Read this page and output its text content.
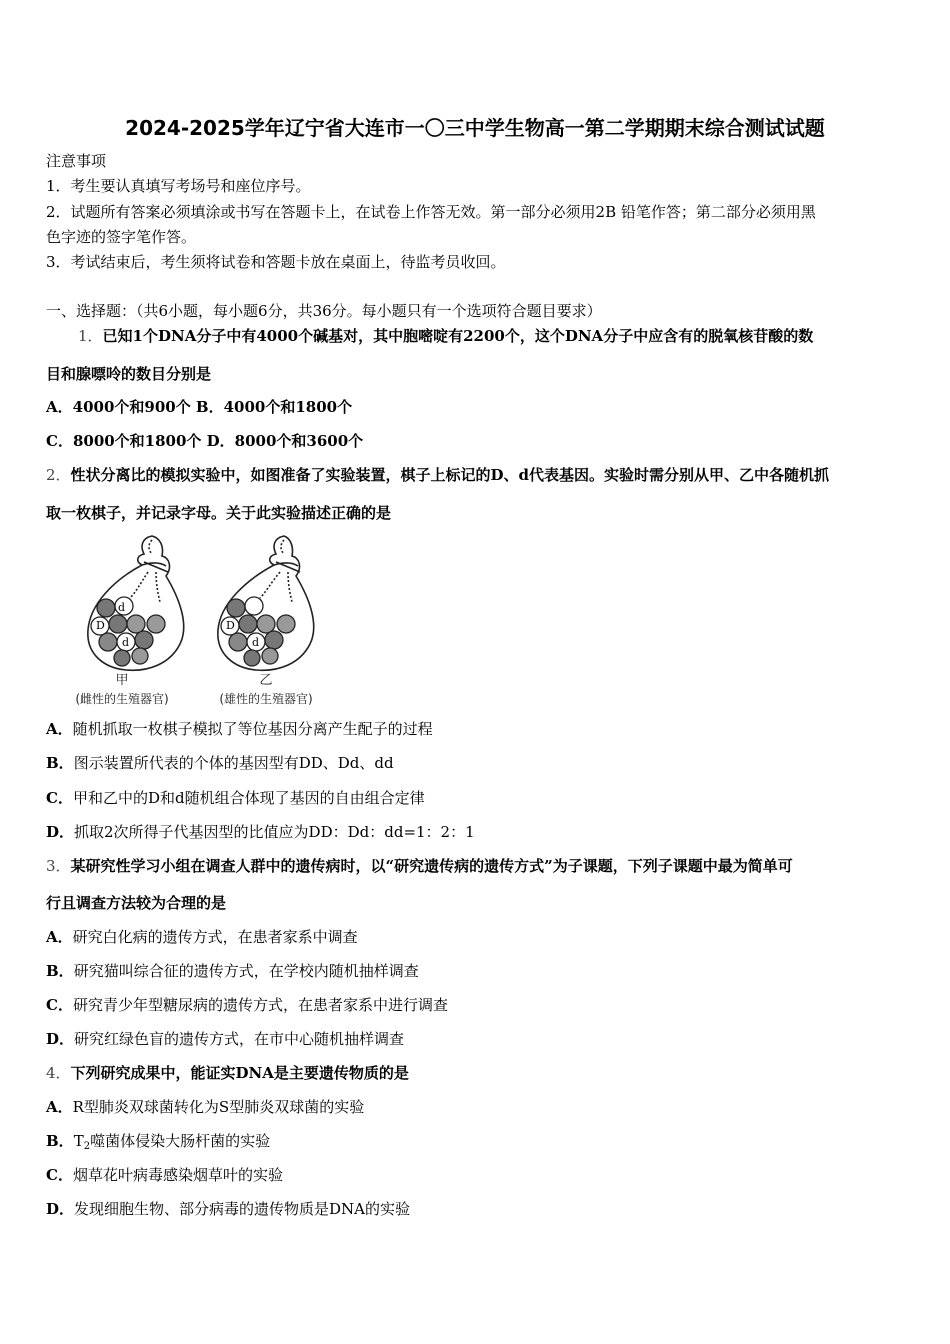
2024-2025学年辽宁省大连市一〇三中学生物高一第二学期期末综合测试试题
注意事项
1．考生要认真填写考场号和座位序号。
2．试题所有答案必须填涂或书写在答题卡上，在试卷上作答无效。第一部分必须用2B 铅笔作答；第二部分必须用黑
色字迹的签字笔作答。
3．考试结束后，考生须将试卷和答题卡放在桌面上，待监考员收回。
一、选择题：（共6小题，每小题6分，共36分。每小题只有一个选项符合题目要求）
1．已知1个DNA分子中有4000个碱基对，其中胞嘧啶有2200个，这个DNA分子中应含有的脱氧核苷酸的数
目和腺嘌呤的数目分别是
A．4000个和900个 B．4000个和1800个
C．8000个和1800个 D．8000个和3600个
2．性状分离比的模拟实验中，如图准备了实验装置，棋子上标记的D、d代表基因。实验时需分别从甲、乙中各随机抓
取一枚棋子，并记录字母。关于此实验描述正确的是
d
D
d
D
d
甲
(雌性的生殖器官)
乙
(雄性的生殖器官)
A．随机抓取一枚棋子模拟了等位基因分离产生配子的过程
B．图示装置所代表的个体的基因型有DD、Dd、dd
C．甲和乙中的D和d随机组合体现了基因的自由组合定律
D．抓取2次所得子代基因型的比值应为DD：Dd：dd=1：2：1
3．某研究性学习小组在调查人群中的遗传病时，以“研究遗传病的遗传方式”为子课题，下列子课题中最为简单可
行且调查方法较为合理的是
A．研究白化病的遗传方式，在患者家系中调查
B．研究猫叫综合征的遗传方式，在学校内随机抽样调查
C．研究青少年型糖尿病的遗传方式，在患者家系中进行调查
D．研究红绿色盲的遗传方式，在市中心随机抽样调查
4．下列研究成果中，能证实DNA是主要遗传物质的是
A．R型肺炎双球菌转化为S型肺炎双球菌的实验
B．$T_2$噬菌体侵染大肠杆菌的实验
C．烟草花叶病毒感染烟草叶的实验
D．发现细胞生物、部分病毒的遗传物质是DNA的实验
